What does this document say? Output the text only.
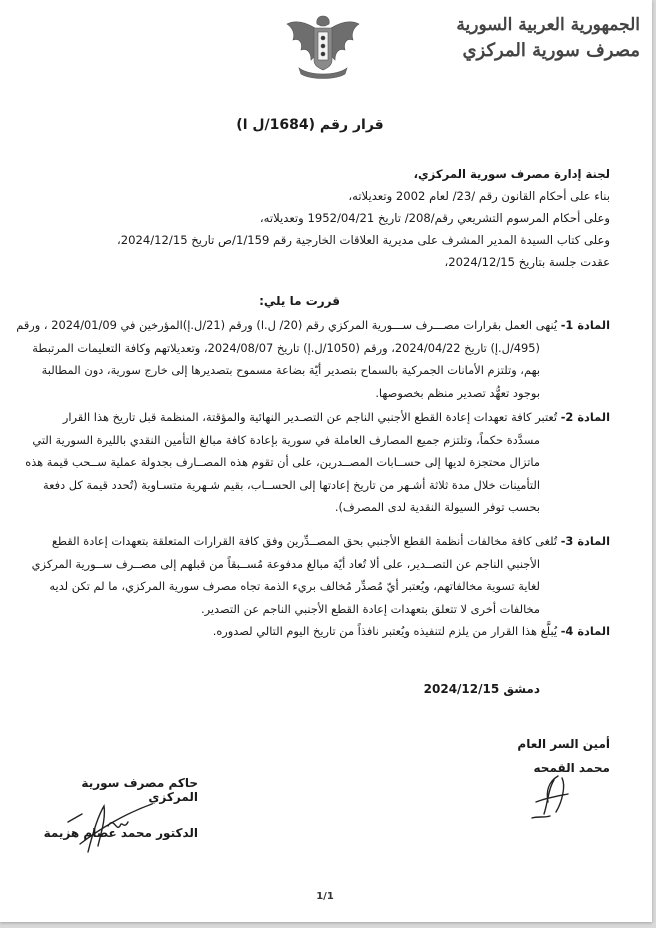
الجمهورية العربية السورية
مصرف سورية المركزي
قرار رقم (1684/ل ا)
لجنة إدارة مصرف سورية المركزي،
بناء على أحكام القانون رقم /23/ لعام 2002 وتعديلاته،
وعلى أحكام المرسوم التشريعي رقم/208/ تاريخ 1952/04/21 وتعديلاته،
وعلى كتاب السيدة المدير المشرف على مديرية العلاقات الخارجية رقم 1/159/ص تاريخ 2024/12/15،
عقدت جلسة بتاريخ 2024/12/15،
قررت ما يلي:
المادة 1- يُنهى العمل بقرارات مصـــرف ســـورية المركزي رقم (20/ ل.ا) ورقم (21/ل.إ)المؤرخين في 2024/01/09 ، ورقم
(495/ل.إ) تاريخ 2024/04/22، ورقم (1050/ل.إ) تاريخ 2024/08/07، وتعديلاتهم وكافة التعليمات المرتبطة
بهم، وتلتزم الأمانات الجمركية بالسماح بتصدير أيّة بضاعة مسموح بتصديرها إلى خارج سورية، دون المطالبة
بوجود تعهُّد تصدير منظم بخصوصها.
المادة 2- تُعتبر كافة تعهدات إعادة القطع الأجنبي الناجم عن التصـدير النهائية والمؤقتة، المنظمة قبل تاريخ هذا القرار
مسدَّدة حكماً، وتلتزم جميع المصارف العاملة في سورية بإعادة كافة مبالغ التأمين النقدي بالليرة السورية التي
ماتزال محتجزة لديها إلى حســابات المصــدرين، على أن تقوم هذه المصــارف بجدولة عملية ســحب قيمة هذه
التأمينات خلال مدة ثلاثة أشـهر من تاريخ إعادتها إلى الحســاب، بقيم شـهرية متسـاوية (تُحدد قيمة كل دفعة
بحسب توفر السيولة النقدية لدى المصرف).
المادة 3- تُلغى كافة مخالفات أنظمة القطع الأجنبي بحق المصــدِّرين وفق كافة القرارات المتعلقة بتعهدات إعادة القطع
الأجنبي الناجم عن التصــدير، على ألا تُعاد أيّة مبالغ مدفوعة مُســبقاً من قبلهم إلى مصــرف ســورية المركزي
لغاية تسوية مخالفاتهم، ويُعتبر أيّ مُصدِّر مُخالف بريء الذمة تجاه مصرف سورية المركزي، ما لم تكن لديه
مخالفات أخرى لا تتعلق بتعهدات إعادة القطع الأجنبي الناجم عن التصدير.
المادة 4- يُبلَّغ هذا القرار من يلزم لتنفيذه ويُعتبر نافذاً من تاريخ اليوم التالي لصدوره.
دمشق 2024/12/15
أمين السر العام
محمد القمحه
حاكم مصرف سورية المركزي
الدكتور محمد عصام هزيمة
1/1
